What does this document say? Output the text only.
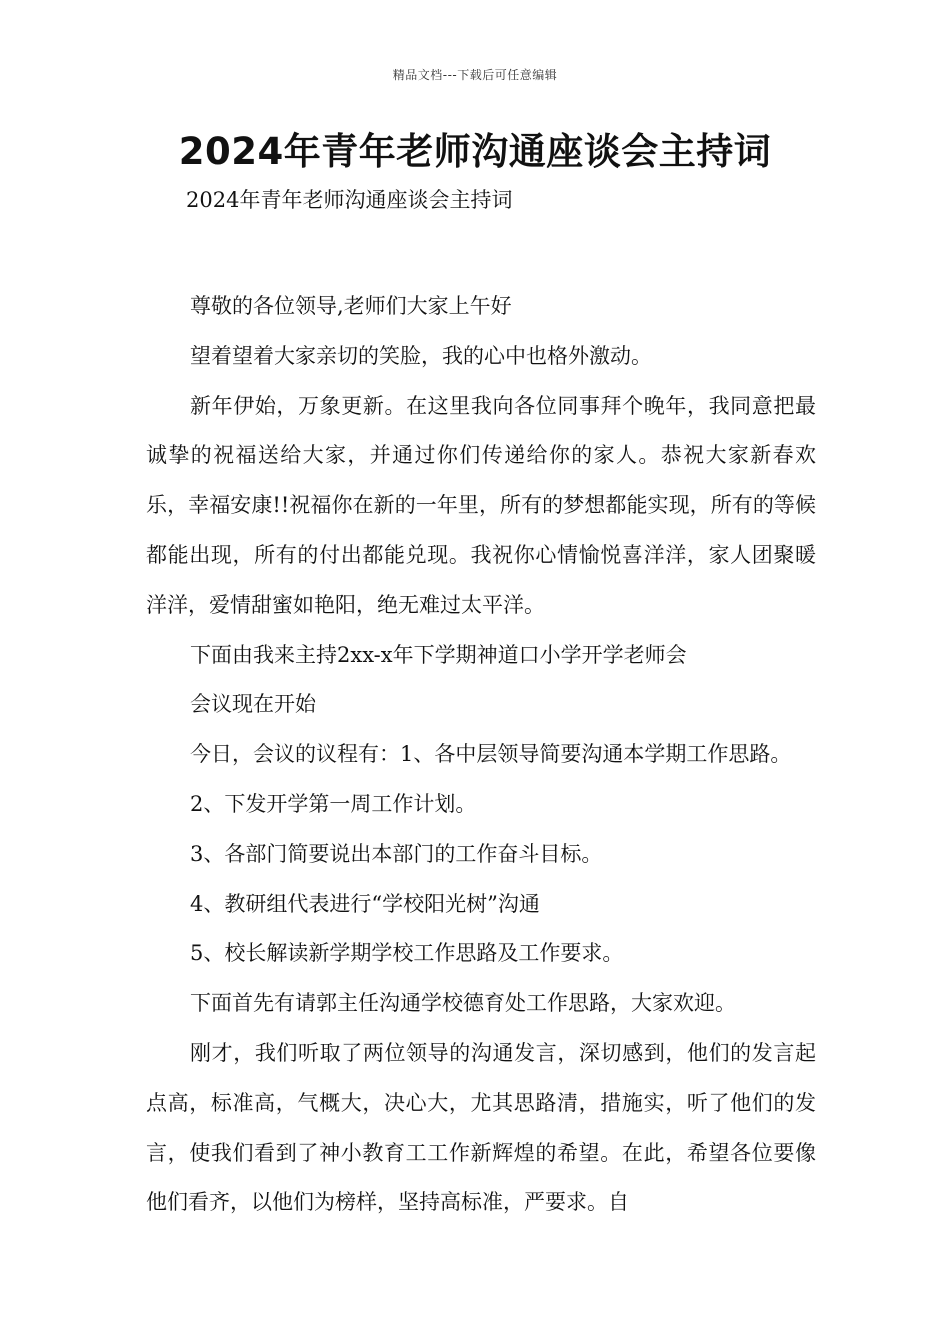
精品文档---下载后可任意编辑
2024年青年老师沟通座谈会主持词
2024年青年老师沟通座谈会主持词

尊敬的各位领导,老师们大家上午好

望着望着大家亲切的笑脸，我的心中也格外激动。

新年伊始，万象更新。在这里我向各位同事拜个晚年，我同意把最诚挚的祝福送给大家，并通过你们传递给你的家人。恭祝大家新春欢乐，幸福安康!!祝福你在新的一年里，所有的梦想都能实现，所有的等候都能出现，所有的付出都能兑现。我祝你心情愉悦喜洋洋，家人团聚暖洋洋，爱情甜蜜如艳阳，绝无难过太平洋。

下面由我来主持2xx-x年下学期神道口小学开学老师会

会议现在开始

今日，会议的议程有：1、各中层领导简要沟通本学期工作思路。

2、下发开学第一周工作计划。

3、各部门简要说出本部门的工作奋斗目标。

4、教研组代表进行“学校阳光树”沟通

5、校长解读新学期学校工作思路及工作要求。

下面首先有请郭主任沟通学校德育处工作思路，大家欢迎。

刚才，我们听取了两位领导的沟通发言，深切感到，他们的发言起点高，标准高，气概大，决心大，尤其思路清，措施实，听了他们的发言，使我们看到了神小教育工工作新辉煌的希望。在此，希望各位要像他们看齐，以他们为榜样，坚持高标准，严要求。自
